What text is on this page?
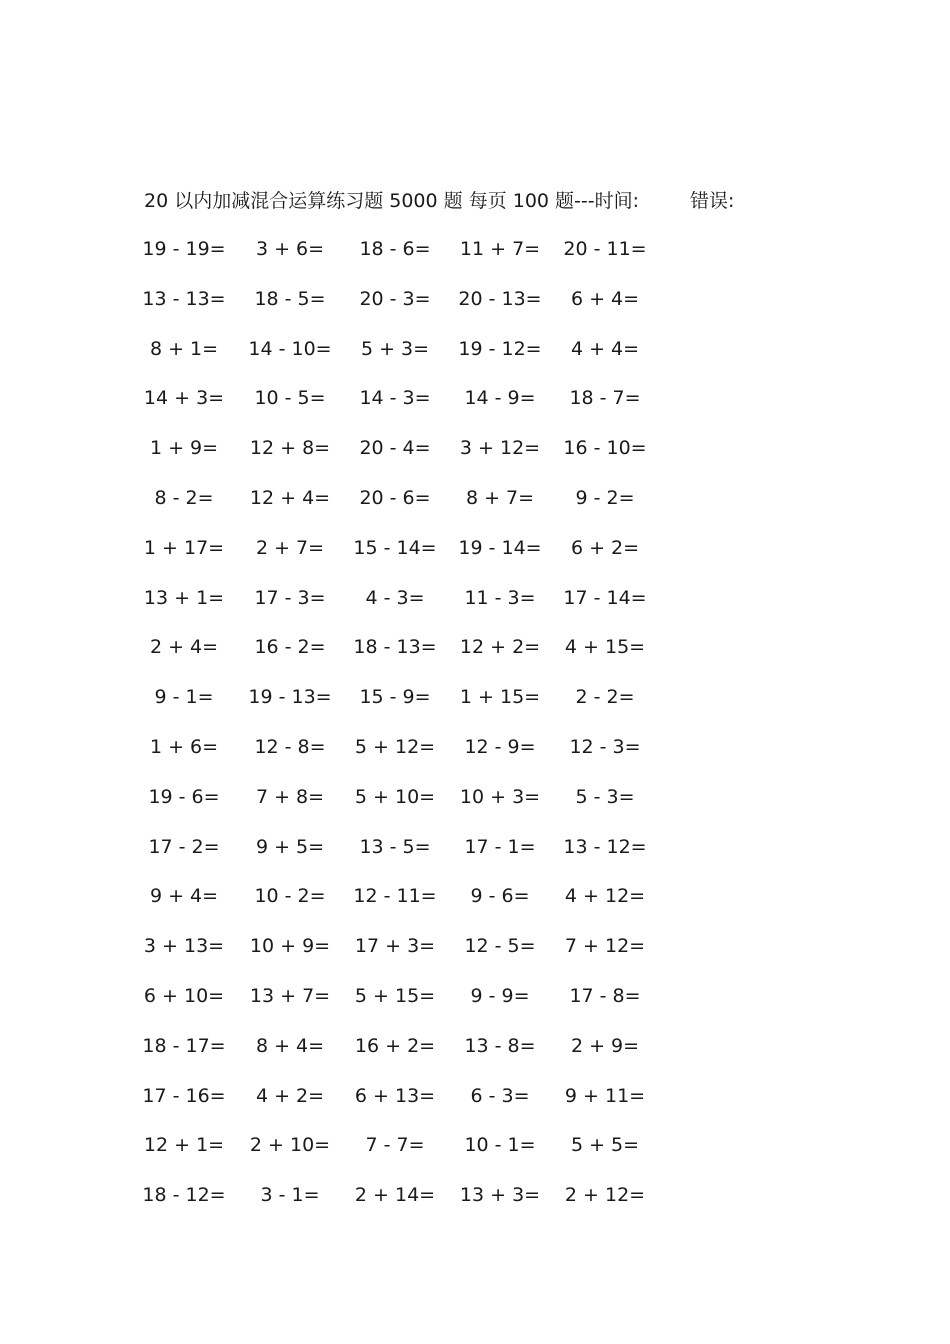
20 以内加减混合运算练习题 5000 题 每页 100 题---时间:	错误:
19 - 19=	3 + 6=	18 - 6=	11 + 7=	20 - 11=
13 - 13=	18 - 5=	20 - 3=	20 - 13=	6 + 4=
8 + 1=	14 - 10=	5 + 3=	19 - 12=	4 + 4=
14 + 3=	10 - 5=	14 - 3=	14 - 9=	18 - 7=
1 + 9=	12 + 8=	20 - 4=	3 + 12=	16 - 10=
8 - 2=	12 + 4=	20 - 6=	8 + 7=	9 - 2=
1 + 17=	2 + 7=	15 - 14=	19 - 14=	6 + 2=
13 + 1=	17 - 3=	4 - 3=	11 - 3=	17 - 14=
2 + 4=	16 - 2=	18 - 13=	12 + 2=	4 + 15=
9 - 1=	19 - 13=	15 - 9=	1 + 15=	2 - 2=
1 + 6=	12 - 8=	5 + 12=	12 - 9=	12 - 3=
19 - 6=	7 + 8=	5 + 10=	10 + 3=	5 - 3=
17 - 2=	9 + 5=	13 - 5=	17 - 1=	13 - 12=
9 + 4=	10 - 2=	12 - 11=	9 - 6=	4 + 12=
3 + 13=	10 + 9=	17 + 3=	12 - 5=	7 + 12=
6 + 10=	13 + 7=	5 + 15=	9 - 9=	17 - 8=
18 - 17=	8 + 4=	16 + 2=	13 - 8=	2 + 9=
17 - 16=	4 + 2=	6 + 13=	6 - 3=	9 + 11=
12 + 1=	2 + 10=	7 - 7=	10 - 1=	5 + 5=
18 - 12=	3 - 1=	2 + 14=	13 + 3=	2 + 12=
